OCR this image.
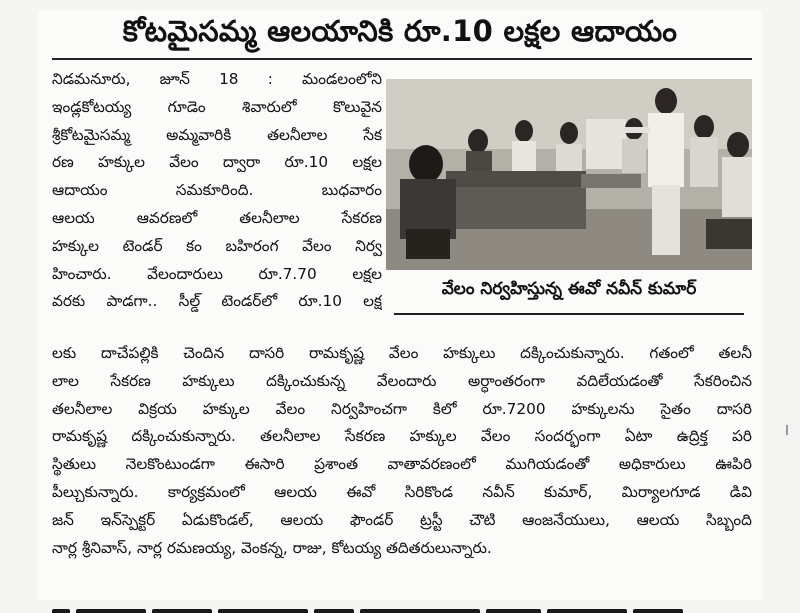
కోటమైసమ్మ ఆలయానికి రూ.10 లక్షల ఆదాయం
నిడమనూరు, జూన్ 18 : మండలంలోని
ఇండ్లకోటయ్య గూడెం శివారులో కొలువైన
శ్రీకోటమైసమ్మ అమ్మవారికి తలనీలాల సేక
రణ హక్కుల వేలం ద్వారా రూ.10 లక్షల
ఆదాయం సమకూరింది. బుధవారం
ఆలయ ఆవరణలో తలనీలాల సేకరణ
హక్కుల టెండర్ కం బహిరంగ వేలం నిర్వ
హించారు. వేలందారులు రూ.7.70 లక్షల
వరకు పాడగా.. సీల్డ్ టెండర్‌లో రూ.10 లక్ష
వేలం నిర్వహిస్తున్న ఈవో నవీన్ కుమార్
లకు దాచేపల్లికి చెందిన దాసరి రామకృష్ణ వేలం హక్కులు దక్కించుకున్నారు. గతంలో తలనీ
లాల సేకరణ హక్కులు దక్కించుకున్న వేలందారు అర్ధాంతరంగా వదిలేయడంతో సేకరించిన
తలనీలాల విక్రయ హక్కుల వేలం నిర్వహించగా కిలో రూ.7200 హక్కులను సైతం దాసరి
రామకృష్ణ దక్కించుకున్నారు. తలనీలాల సేకరణ హక్కుల వేలం సందర్భంగా ఏటా ఉద్రిక్త పరి
స్థితులు నెలకొంటుండగా ఈసారి ప్రశాంత వాతావరణంలో ముగియడంతో అధికారులు ఊపిరి
పీల్చుకున్నారు. కార్యక్రమంలో ఆలయ ఈవో సిరికొండ నవీన్ కుమార్, మిర్యాలగూడ డివి
జన్ ఇన్‌స్పెక్టర్ ఏడుకొండల్, ఆలయ ఫౌండర్ ట్రస్టీ చౌటి ఆంజనేయులు, ఆలయ సిబ్బంది
నార్ల శ్రీనివాస్, నార్ల రమణయ్య, వెంకన్న, రాజు, కోటయ్య తదితరులున్నారు.
